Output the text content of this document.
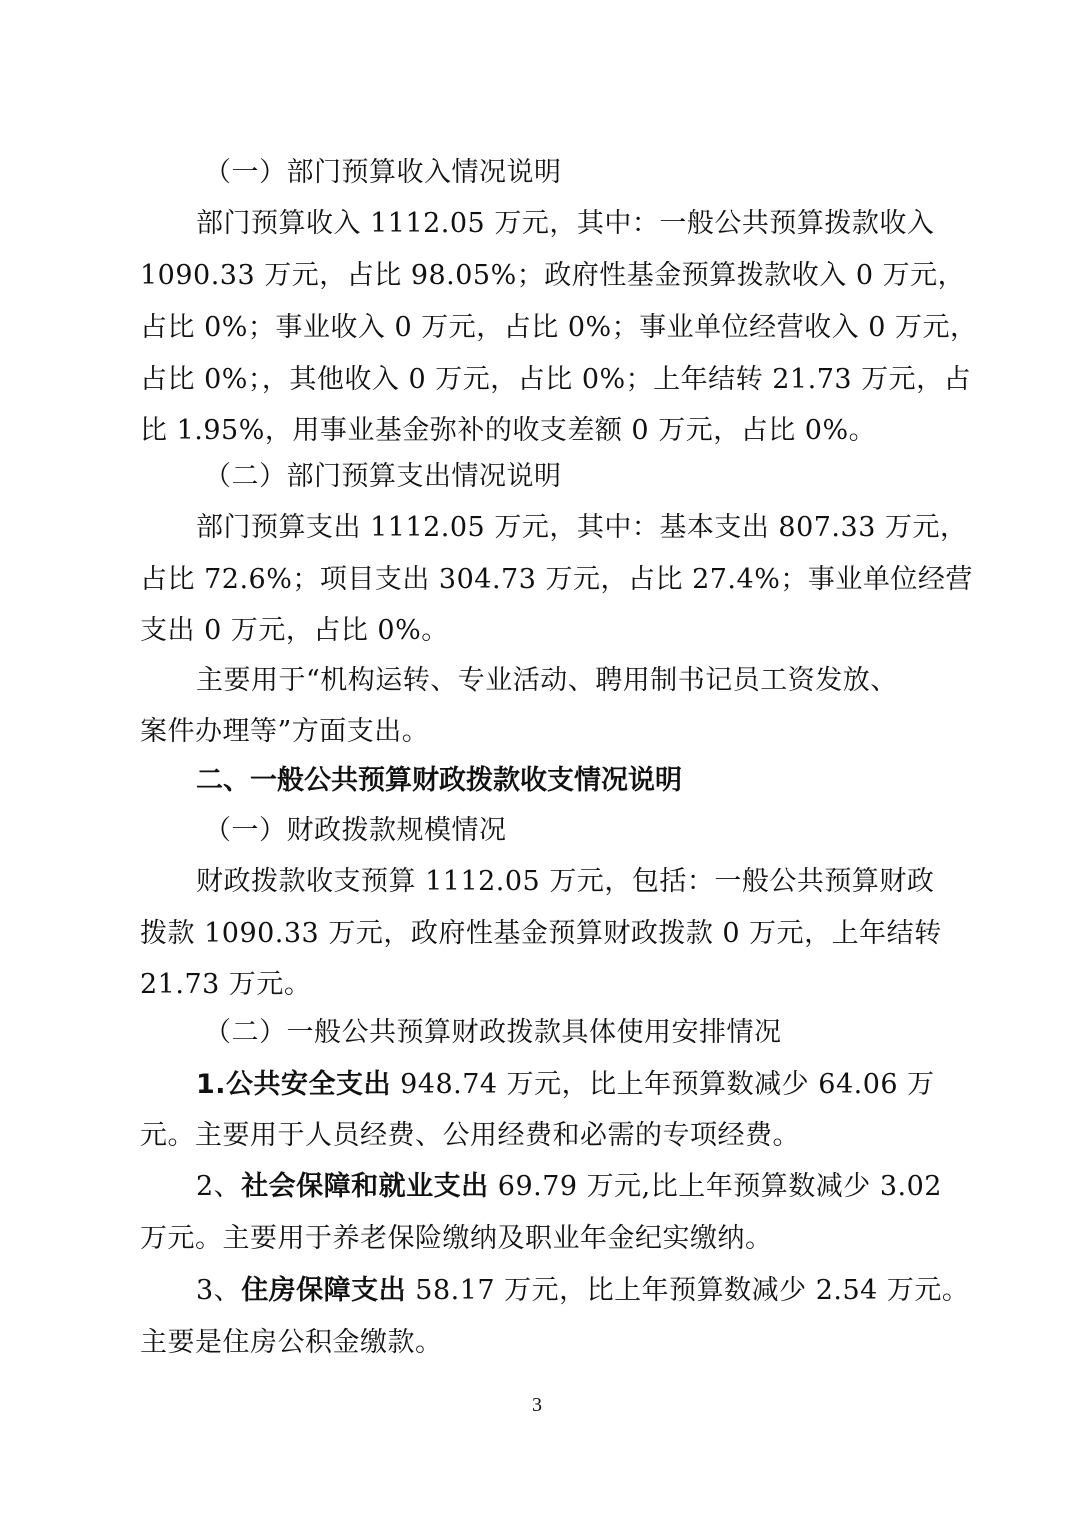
（一）部门预算收入情况说明
部门预算收入 1112.05 万元，其中：一般公共预算拨款收入
1090.33 万元，占比 98.05%；政府性基金预算拨款收入 0 万元，
占比 0%；事业收入 0 万元，占比 0%；事业单位经营收入 0 万元，
占比 0%；，其他收入 0 万元，占比 0%；上年结转 21.73 万元，占
比 1.95%，用事业基金弥补的收支差额 0 万元，占比 0%。
（二）部门预算支出情况说明
部门预算支出 1112.05 万元，其中：基本支出 807.33 万元，
占比 72.6%；项目支出 304.73 万元，占比 27.4%；事业单位经营
支出 0 万元，占比 0%。
主要用于“机构运转、专业活动、聘用制书记员工资发放、
案件办理等”方面支出。
二、一般公共预算财政拨款收支情况说明
（一）财政拨款规模情况
财政拨款收支预算 1112.05 万元，包括：一般公共预算财政
拨款 1090.33 万元，政府性基金预算财政拨款 0 万元，上年结转
21.73 万元。
（二）一般公共预算财政拨款具体使用安排情况
1.公共安全支出 948.74 万元，比上年预算数减少 64.06 万
元。主要用于人员经费、公用经费和必需的专项经费。
2、社会保障和就业支出 69.79 万元,比上年预算数减少 3.02
万元。主要用于养老保险缴纳及职业年金纪实缴纳。
3、住房保障支出 58.17 万元，比上年预算数减少 2.54 万元。
主要是住房公积金缴款。
3
